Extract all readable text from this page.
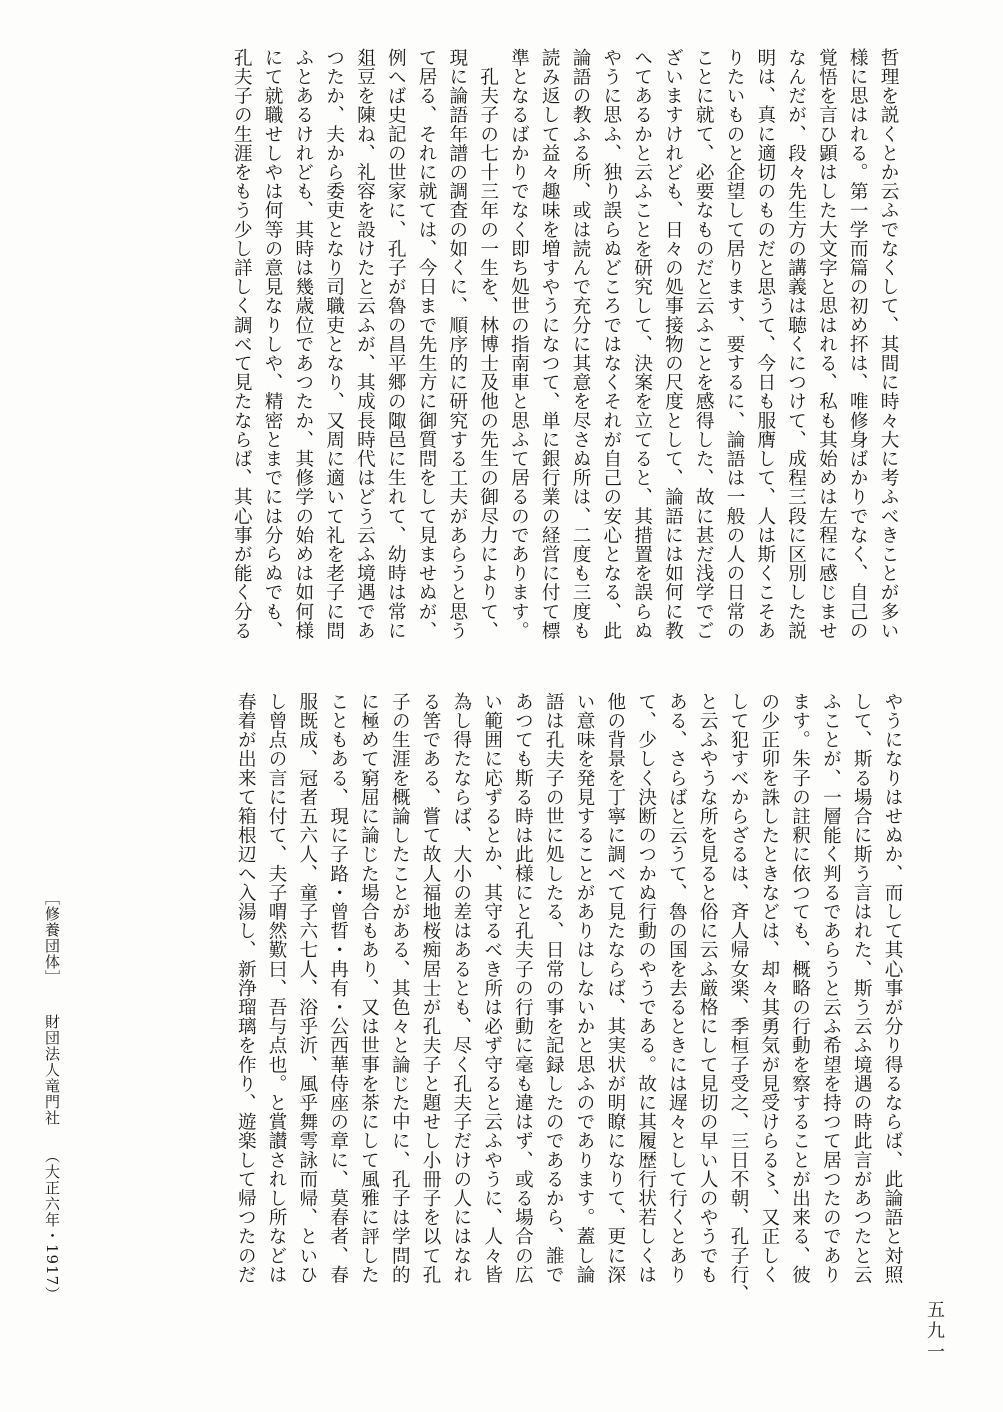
哲理を説くとか云ふでなくして、其間に時々大に考ふべきことが多い
様に思はれる。第一学而篇の初め抔は、唯修身ばかりでなく、自己の
覚悟を言ひ顕はした大文字と思はれる、私も其始めは左程に感じませ
なんだが、段々先生方の講義は聴くにつけて、成程三段に区別した説
明は、真に適切のものだと思うて、今日も服膺して、人は斯くこそあ
りたいものと企望して居ります、要するに、論語は一般の人の日常の
ことに就て、必要なものだと云ふことを感得した、故に甚だ浅学でご
ざいますけれども、日々の処事接物の尺度として、論語には如何に教
へてあるかと云ふことを研究して、決案を立てると、其措置を誤らぬ
やうに思ふ、独り誤らぬどころではなくそれが自己の安心となる、此
論語の教ふる所、或は読んで充分に其意を尽さぬ所は、二度も三度も
読み返して益々趣味を増すやうになつて、単に銀行業の経営に付て標
準となるばかりでなく即ち処世の指南車と思ふて居るのであります。
　孔夫子の七十三年の一生を、林博士及他の先生の御尽力によりて、
現に論語年譜の調査の如くに、順序的に研究する工夫があらうと思う
て居る、それに就ては、今日まで先生方に御質問をして見ませぬが、
例へば史記の世家に、孔子が魯の昌平郷の陬邑に生れて、幼時は常に
爼豆を陳ね、礼容を設けたと云ふが、其成長時代はどう云ふ境遇であ
つたか、夫から委吏となり司職吏となり、又周に適いて礼を老子に問
ふとあるけれども、其時は幾歳位であつたか、其修学の始めは如何様
にて就職せしやは何等の意見なりしや、精密とまでには分らぬでも、
孔夫子の生涯をもう少し詳しく調べて見たならば、其心事が能く分る
やうになりはせぬか、而して其心事が分り得るならば、此論語と対照
して、斯る場合に斯う言はれた、斯う云ふ境遇の時此言があつたと云
ふことが、一層能く判るであらうと云ふ希望を持つて居つたのであり
ます。朱子の註釈に依つても、概略の行動を察することが出来る、彼
の少正卯を誅したときなどは、却々其勇気が見受けらる〻、又正しく
して犯すべからざるは、斉人帰女楽、季桓子受之、三日不朝、孔子行、
と云ふやうな所を見ると俗に云ふ厳格にして見切の早い人のやうでも
ある、さらばと云うて、魯の国を去るときには遅々として行くとあり
て、少しく決断のつかぬ行動のやうである。故に其履歴行状若しくは
他の背景を丁寧に調べて見たならば、其実状が明瞭になりて、更に深
い意味を発見することがありはしないかと思ふのであります。蓋し論
語は孔夫子の世に処したる、日常の事を記録したのであるから、誰で
あつても斯る時は此様にと孔夫子の行動に毫も違はず、或る場合の広
い範囲に応ずるとか、其守るべき所は必ず守ると云ふやうに、人々皆
為し得たならば、大小の差はあるとも、尽く孔夫子だけの人にはなれ
る筈である、嘗て故人福地桜痴居士が孔夫子と題せし小冊子を以て孔
子の生涯を概論したことがある、其色々と論じた中に、孔子は学問的
に極めて窮屈に論じた場合もあり、又は世事を茶にして風雅に評した
こともある、現に子路・曾晢・冉有・公西華侍座の章に、莫春者、春
服既成、冠者五六人、童子六七人、浴乎沂、風乎舞雩詠而帰、といひ
し曾点の言に付て、夫子喟然歎曰、吾与点也。と賞讃されし所などは
春着が出来て箱根辺へ入湯し、新浄瑠璃を作り、遊楽して帰つたのだ
五九一
［修養団体］財団法人竜門社（大正六年・1917）
